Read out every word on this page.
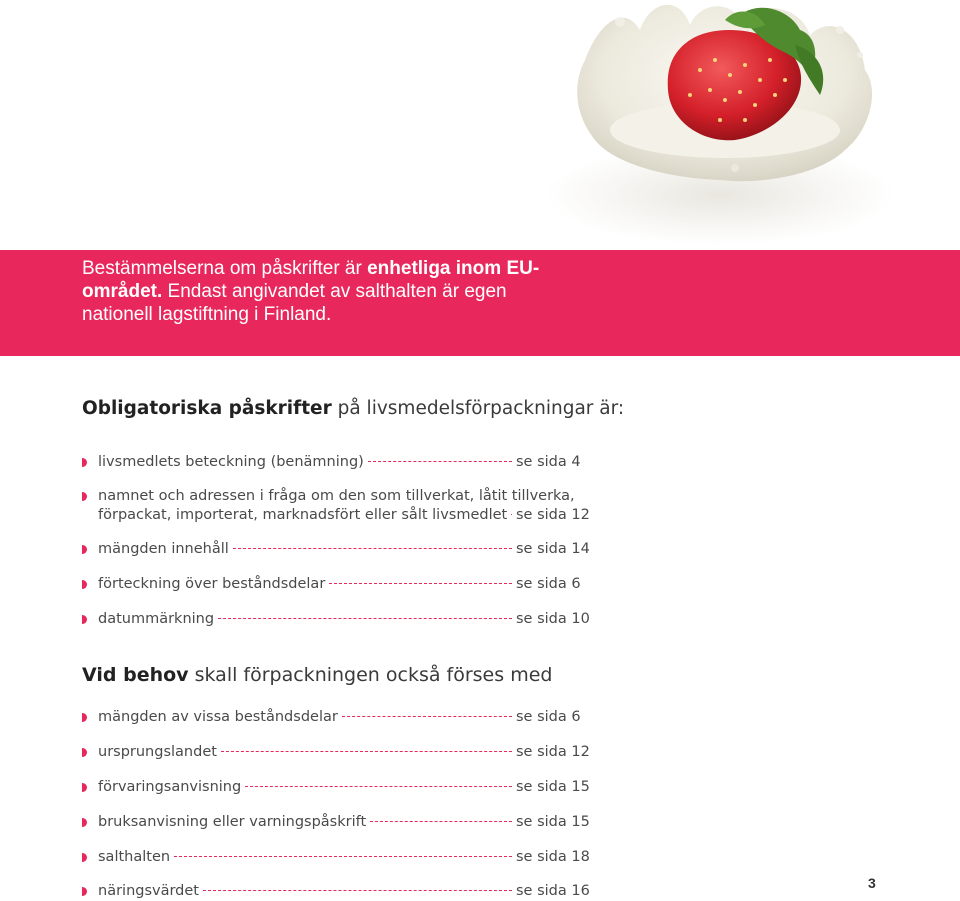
Bestämmelserna om påskrifter är enhetliga inom EU-området. Endast angivandet av salthalten är egen nationell lagstiftning i Finland.
Obligatoriska påskrifter på livsmedelsförpackningar är:
livsmedlets beteckning (benämning)	se sida 4
namnet och adressen i fråga om den som tillverkat, låtit tillverka,
förpackat, importerat, marknadsfört eller sålt livsmedlet se sida 12
mängden innehåll	se sida 14
förteckning över beståndsdelar	se sida 6
datummärkning	se sida 10
Vid behov skall förpackningen också förses med
mängden av vissa beståndsdelar	se sida 6
ursprungslandet	se sida 12
förvaringsanvisning	se sida 15
bruksanvisning eller varningspåskrift	se sida 15
salthalten	se sida 18
näringsvärdet	se sida 16	3
